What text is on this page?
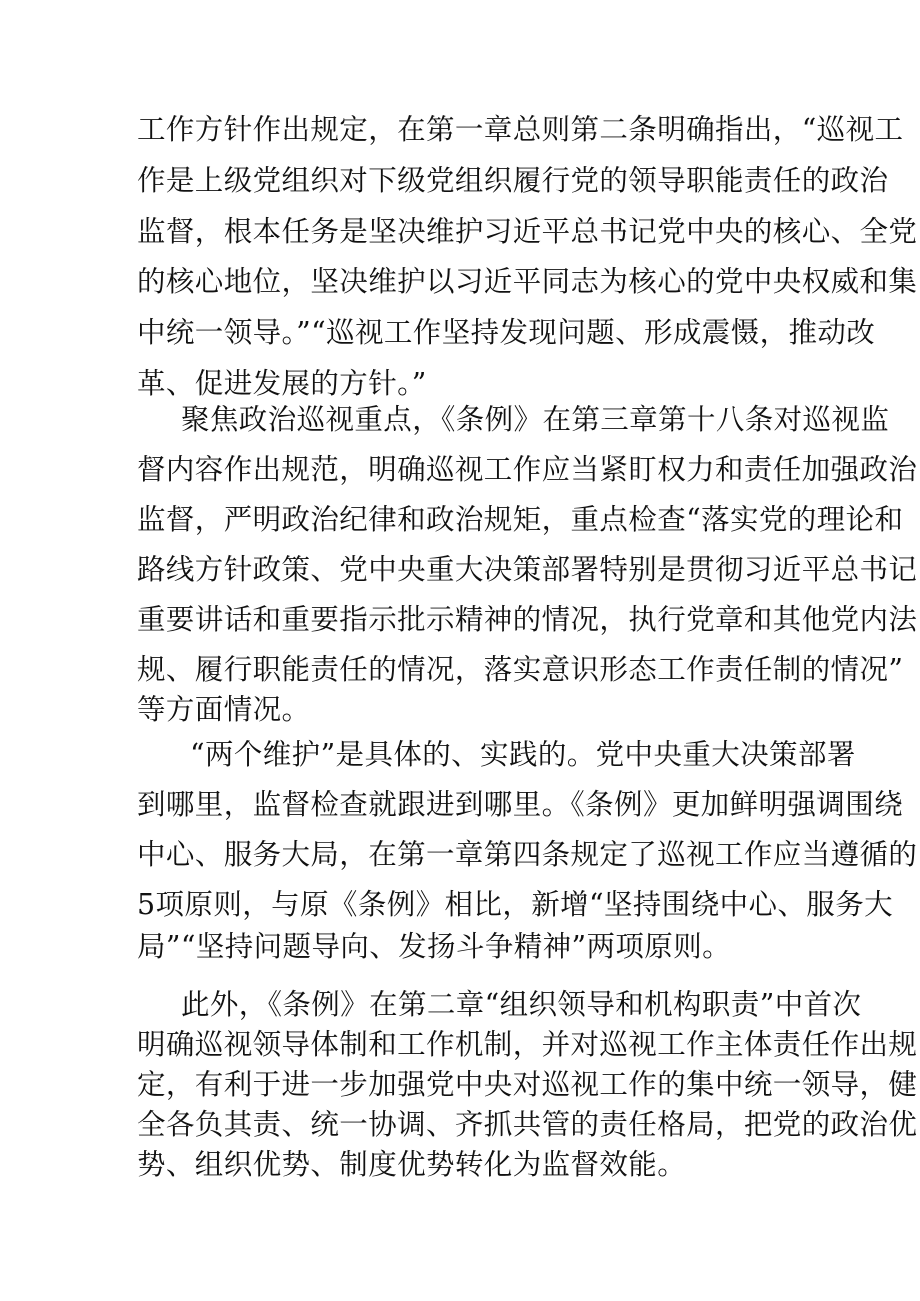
工作方针作出规定，在第一章总则第二条明确指出，“巡视工
作是上级党组织对下级党组织履行党的领导职能责任的政治
监督，根本任务是坚决维护习近平总书记党中央的核心、全党
的核心地位，坚决维护以习近平同志为核心的党中央权威和集
中统一领导。”“巡视工作坚持发现问题、形成震慑，推动改
革、促进发展的方针。”
聚焦政治巡视重点，《条例》在第三章第十八条对巡视监
督内容作出规范，明确巡视工作应当紧盯权力和责任加强政治
监督，严明政治纪律和政治规矩，重点检查“落实党的理论和
路线方针政策、党中央重大决策部署特别是贯彻习近平总书记
重要讲话和重要指示批示精神的情况，执行党章和其他党内法
规、履行职能责任的情况，落实意识形态工作责任制的情况”
等方面情况。
“两个维护”是具体的、实践的。党中央重大决策部署
到哪里，监督检查就跟进到哪里。《条例》更加鲜明强调围绕
中心、服务大局，在第一章第四条规定了巡视工作应当遵循的
5项原则，与原《条例》相比，新增“坚持围绕中心、服务大
局”“坚持问题导向、发扬斗争精神”两项原则。
此外，《条例》在第二章“组织领导和机构职责”中首次
明确巡视领导体制和工作机制，并对巡视工作主体责任作出规
定，有利于进一步加强党中央对巡视工作的集中统一领导，健
全各负其责、统一协调、齐抓共管的责任格局，把党的政治优
势、组织优势、制度优势转化为监督效能。
